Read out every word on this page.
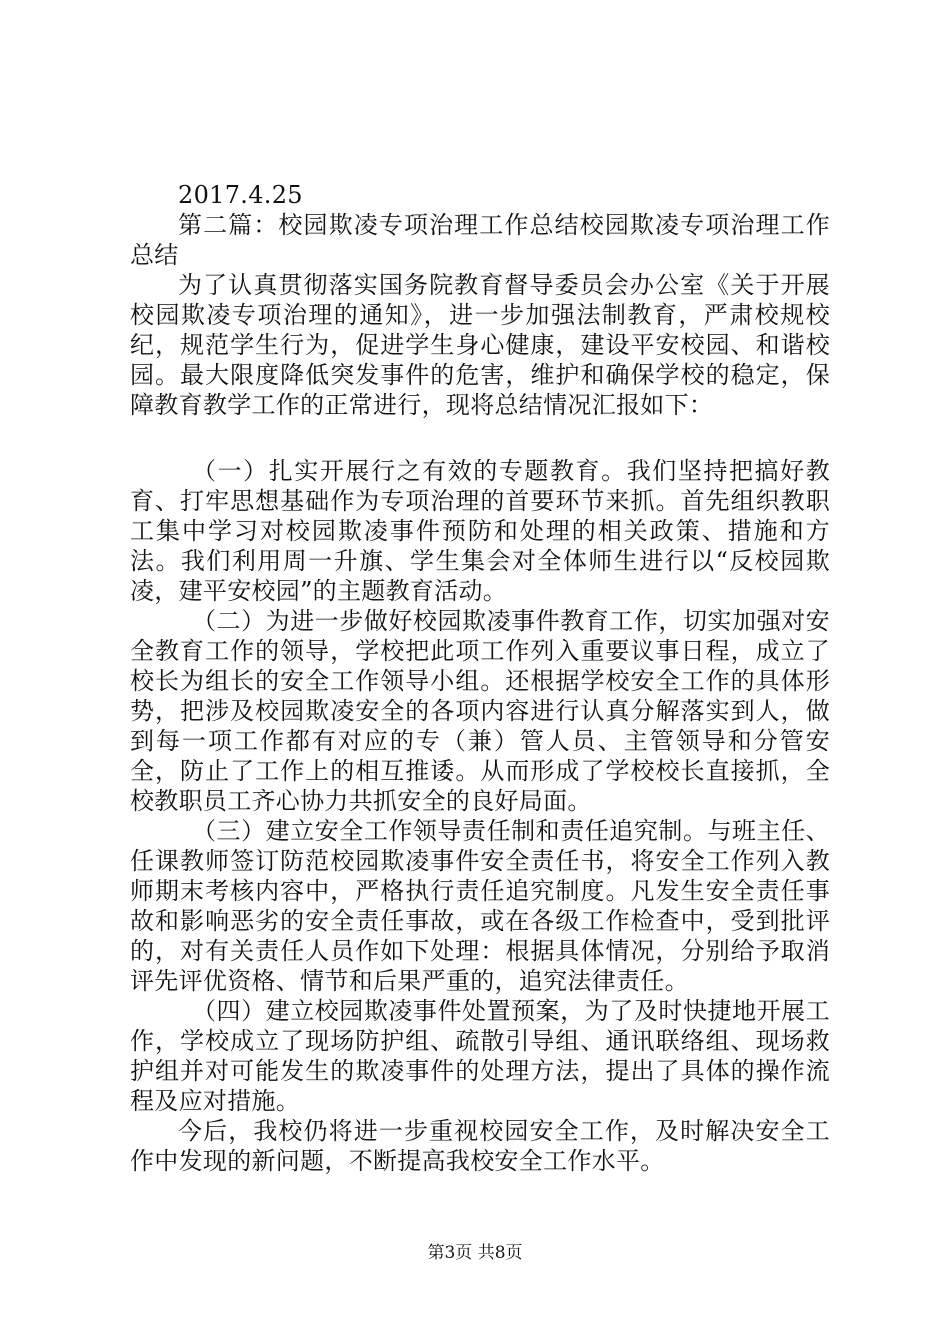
2017.4.25

第二篇：校园欺凌专项治理工作总结校园欺凌专项治理工作总结

为了认真贯彻落实国务院教育督导委员会办公室《关于开展校园欺凌专项治理的通知》，进一步加强法制教育，严肃校规校纪，规范学生行为，促进学生身心健康，建设平安校园、和谐校园。最大限度降低突发事件的危害，维护和确保学校的稳定，保障教育教学工作的正常进行，现将总结情况汇报如下：

（一）扎实开展行之有效的专题教育。我们坚持把搞好教育、打牢思想基础作为专项治理的首要环节来抓。首先组织教职工集中学习对校园欺凌事件预防和处理的相关政策、措施和方法。我们利用周一升旗、学生集会对全体师生进行以“反校园欺凌，建平安校园”的主题教育活动。

（二）为进一步做好校园欺凌事件教育工作，切实加强对安全教育工作的领导，学校把此项工作列入重要议事日程，成立了校长为组长的安全工作领导小组。还根据学校安全工作的具体形势，把涉及校园欺凌安全的各项内容进行认真分解落实到人，做到每一项工作都有对应的专（兼）管人员、主管领导和分管安全，防止了工作上的相互推诿。从而形成了学校校长直接抓，全校教职员工齐心协力共抓安全的良好局面。

（三）建立安全工作领导责任制和责任追究制。与班主任、任课教师签订防范校园欺凌事件安全责任书，将安全工作列入教师期末考核内容中，严格执行责任追究制度。凡发生安全责任事故和影响恶劣的安全责任事故，或在各级工作检查中，受到批评的，对有关责任人员作如下处理：根据具体情况，分别给予取消评先评优资格、情节和后果严重的，追究法律责任。

（四）建立校园欺凌事件处置预案，为了及时快捷地开展工作，学校成立了现场防护组、疏散引导组、通讯联络组、现场救护组并对可能发生的欺凌事件的处理方法，提出了具体的操作流程及应对措施。

今后，我校仍将进一步重视校园安全工作，及时解决安全工作中发现的新问题，不断提高我校安全工作水平。

第3页 共8页
